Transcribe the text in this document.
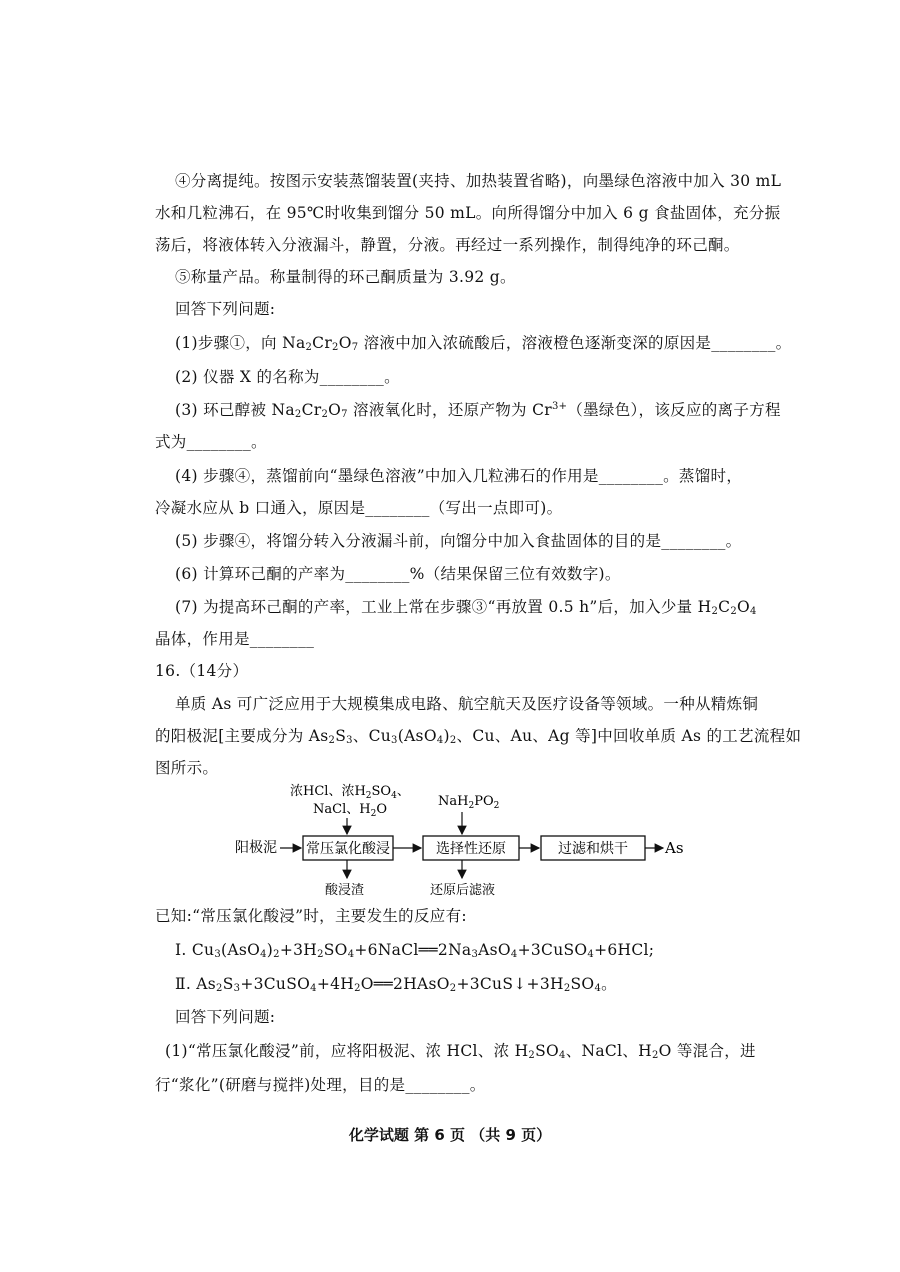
④分离提纯。按图示安装蒸馏装置(夹持、加热装置省略)，向墨绿色溶液中加入 30 mL
水和几粒沸石，在 95℃时收集到馏分 50 mL。向所得馏分中加入 6 g 食盐固体，充分振
荡后，将液体转入分液漏斗，静置，分液。再经过一系列操作，制得纯净的环己酮。
⑤称量产品。称量制得的环己酮质量为 3.92 g。
回答下列问题:
(1)步骤①，向 $Na_2Cr_2O_7$ 溶液中加入浓硫酸后，溶液橙色逐渐变深的原因是________。
(2) 仪器 X 的名称为________。
(3) 环己醇被 $Na_2Cr_2O_7$ 溶液氧化时，还原产物为 $Cr^{3+}$（墨绿色），该反应的离子方程
式为________。
(4) 步骤④，蒸馏前向“墨绿色溶液”中加入几粒沸石的作用是________。蒸馏时，
冷凝水应从 b 口通入，原因是________（写出一点即可)。
(5) 步骤④，将馏分转入分液漏斗前，向馏分中加入食盐固体的目的是________。
(6) 计算环己酮的产率为________%（结果保留三位有效数字)。
(7) 为提高环己酮的产率，工业上常在步骤③“再放置 0.5 h”后，加入少量 $H_2C_2O_4$
晶体，作用是________
16.（14分）
单质 As 可广泛应用于大规模集成电路、航空航天及医疗设备等领域。一种从精炼铜
的阳极泥[主要成分为 $As_2S_3$、$Cu_3(AsO_4)_2$、Cu、Au、Ag 等]中回收单质 As 的工艺流程如
图所示。
浓HCl、浓$H_2SO_4$、
NaCl、$H_2O$
$NaH_2PO_2$
阳极泥 常压氯化酸浸	选择性还原	过滤和烘干 As
酸浸渣	还原后滤液
已知:“常压氯化酸浸”时，主要发生的反应有:
Ⅰ. $Cu_3(AsO_4)_2+3H_2SO_4+6NaCl══2Na_3AsO_4+3CuSO_4+6HCl$;
Ⅱ. $As_2S_3+3CuSO_4+4H_2O══2HAsO_2+3CuS↓+3H_2SO_4$。
回答下列问题:
(1)“常压氯化酸浸”前，应将阳极泥、浓 HCl、浓 $H_2SO_4$、NaCl、$H_2O$ 等混合，进
行“浆化”(研磨与搅拌)处理，目的是________。
化学试题 第 6 页 （共 9 页）
